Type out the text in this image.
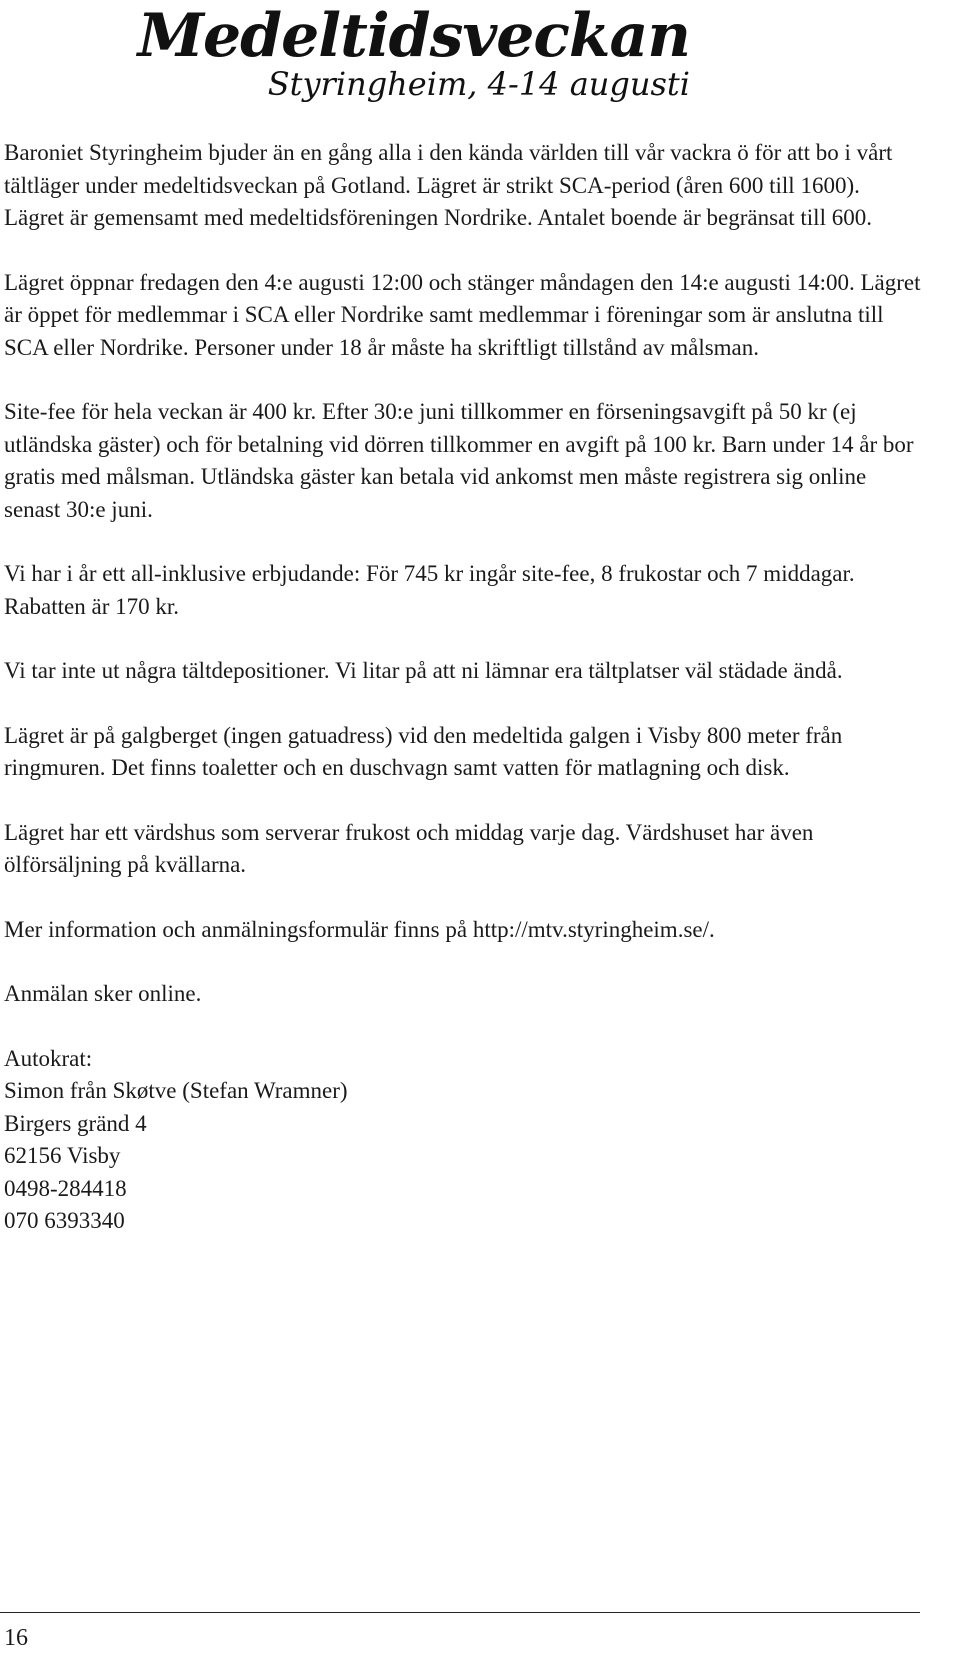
Medeltidsveckan
Styringheim, 4-14 augusti

Baroniet Styringheim bjuder än en gång alla i den kända världen till vår vackra ö för att bo i vårt tältläger under medeltidsveckan på Gotland. Lägret är strikt SCA-period (åren 600 till 1600). Lägret är gemensamt med medeltidsföreningen Nordrike. Antalet boende är begränsat till 600.

Lägret öppnar fredagen den 4:e augusti 12:00 och stänger måndagen den 14:e augusti 14:00. Lägret är öppet för medlemmar i SCA eller Nordrike samt medlemmar i föreningar som är anslutna till SCA eller Nordrike. Personer under 18 år måste ha skriftligt tillstånd av målsman.

Site-fee för hela veckan är 400 kr. Efter 30:e juni tillkommer en förseningsavgift på 50 kr (ej utländska gäster) och för betalning vid dörren tillkommer en avgift på 100 kr. Barn under 14 år bor gratis med målsman. Utländska gäster kan betala vid ankomst men måste registrera sig online senast 30:e juni.

Vi har i år ett all-inklusive erbjudande: För 745 kr ingår site-fee, 8 frukostar och 7 middagar. Rabatten är 170 kr.

Vi tar inte ut några tältdepositioner. Vi litar på att ni lämnar era tältplatser väl städade ändå.

Lägret är på galgberget (ingen gatuadress) vid den medeltida galgen i Visby 800 meter från ringmuren. Det finns toaletter och en duschvagn samt vatten för matlagning och disk.

Lägret har ett värdshus som serverar frukost och middag varje dag. Värdshuset har även ölförsäljning på kvällarna.

Mer information och anmälningsformulär finns på http://mtv.styringheim.se/.

Anmälan sker online.

Autokrat:
Simon från Skøtve (Stefan Wramner)
Birgers gränd 4
62156 Visby
0498-284418
070 6393340
16
